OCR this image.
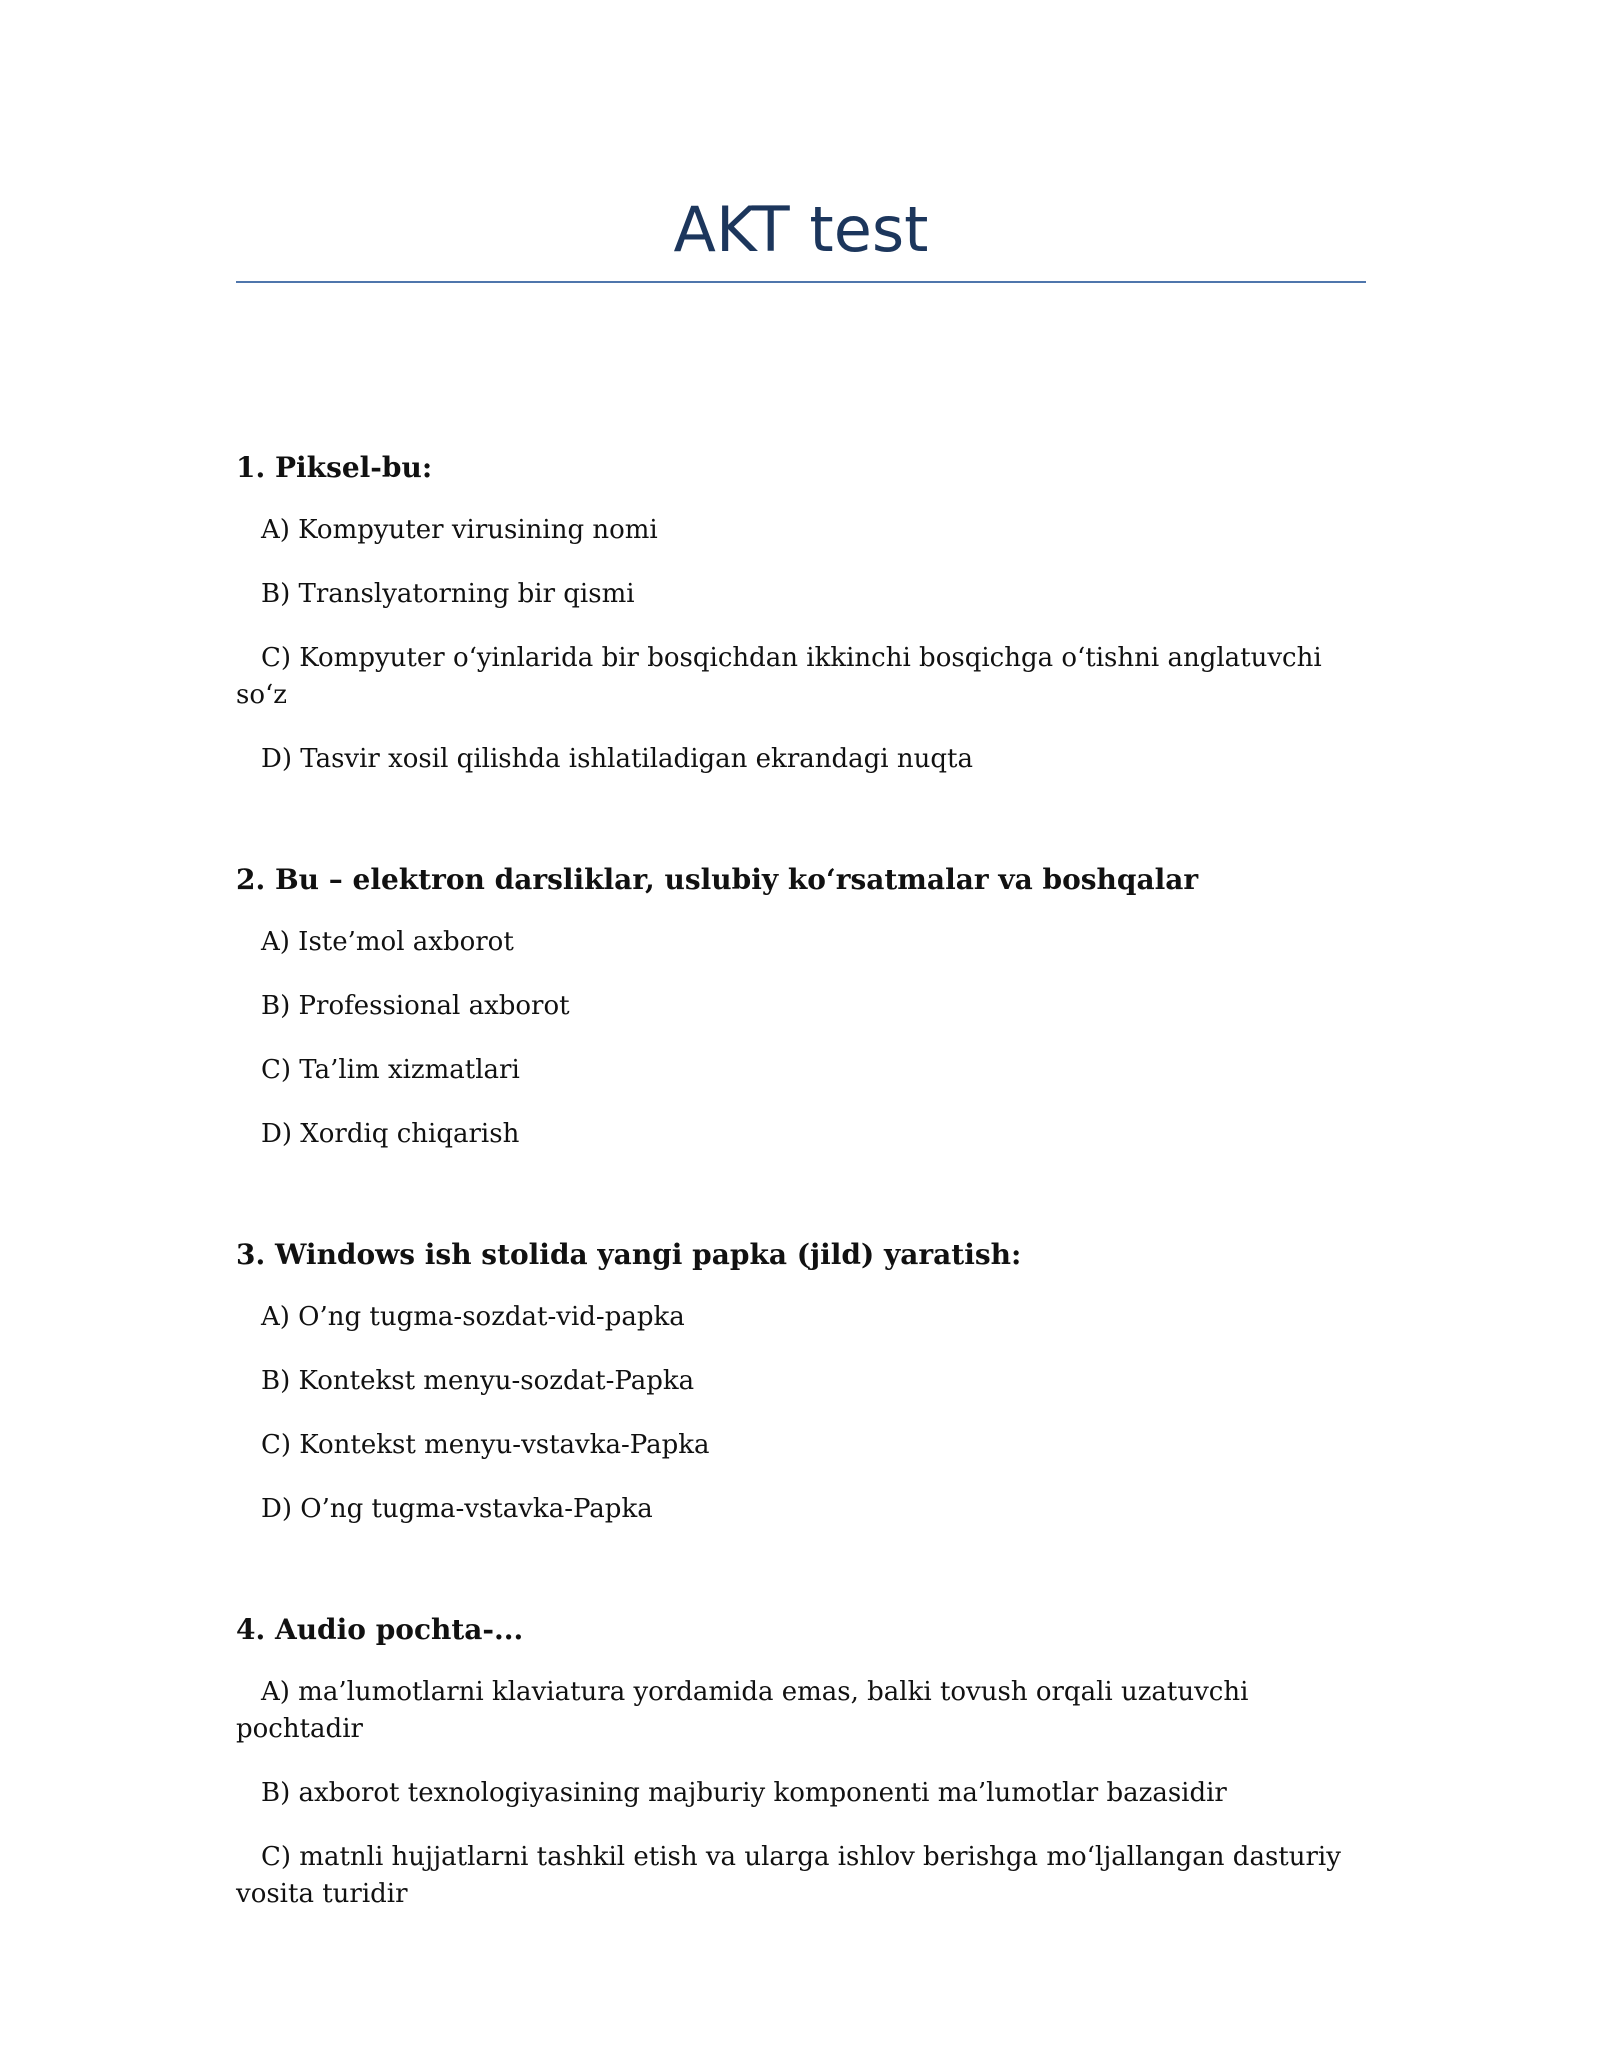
AKT test

1. Piksel-bu:

A) Kompyuter virusining nomi

B) Translyatorning bir qismi

C) Kompyuter o‘yinlarida bir bosqichdan ikkinchi bosqichga o‘tishni anglatuvchi so‘z

D) Tasvir xosil qilishda ishlatiladigan ekrandagi nuqta

2. Bu – elektron darsliklar, uslubiy ko‘rsatmalar va boshqalar

A) Iste’mol axborot

B) Professional axborot

C) Ta’lim xizmatlari

D) Xordiq chiqarish

3. Windows ish stolida yangi papka (jild) yaratish:

A) O’ng tugma-sozdat-vid-papka

B) Kontekst menyu-sozdat-Papka

C) Kontekst menyu-vstavka-Papka

D) O’ng tugma-vstavka-Papka

4. Audio pochta-...

A) ma’lumotlarni klaviatura yordamida emas, balki tovush orqali uzatuvchi pochtadir

B) axborot texnologiyasining majburiy komponenti ma’lumotlar bazasidir

C) matnli hujjatlarni tashkil etish va ularga ishlov berishga mo‘ljallangan dasturiy vosita turidir
